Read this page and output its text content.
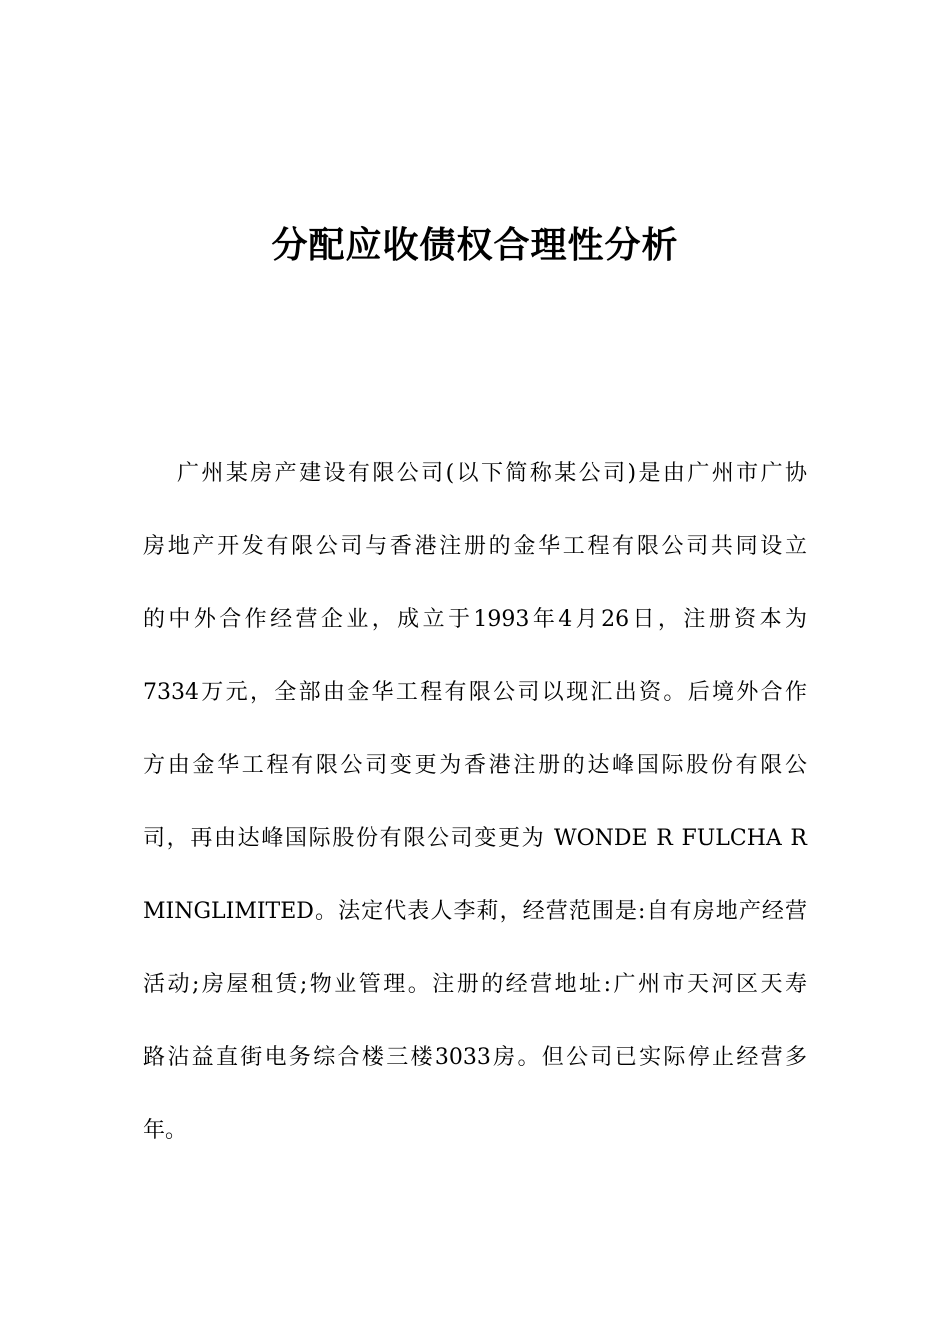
分配应收债权合理性分析
广州某房产建设有限公司(以下简称某公司)是由广州市广协
房地产开发有限公司与香港注册的金华工程有限公司共同设立
的中外合作经营企业，成立于1993年4月26日，注册资本为
7334万元，全部由金华工程有限公司以现汇出资。后境外合作
方由金华工程有限公司变更为香港注册的达峰国际股份有限公
司，再由达峰国际股份有限公司变更为 WONDE R FULCHA R
MINGLIMITED。法定代表人李莉，经营范围是:自有房地产经营
活动;房屋租赁;物业管理。注册的经营地址:广州市天河区天寿
路沾益直街电务综合楼三楼3033房。但公司已实际停止经营多
年。
